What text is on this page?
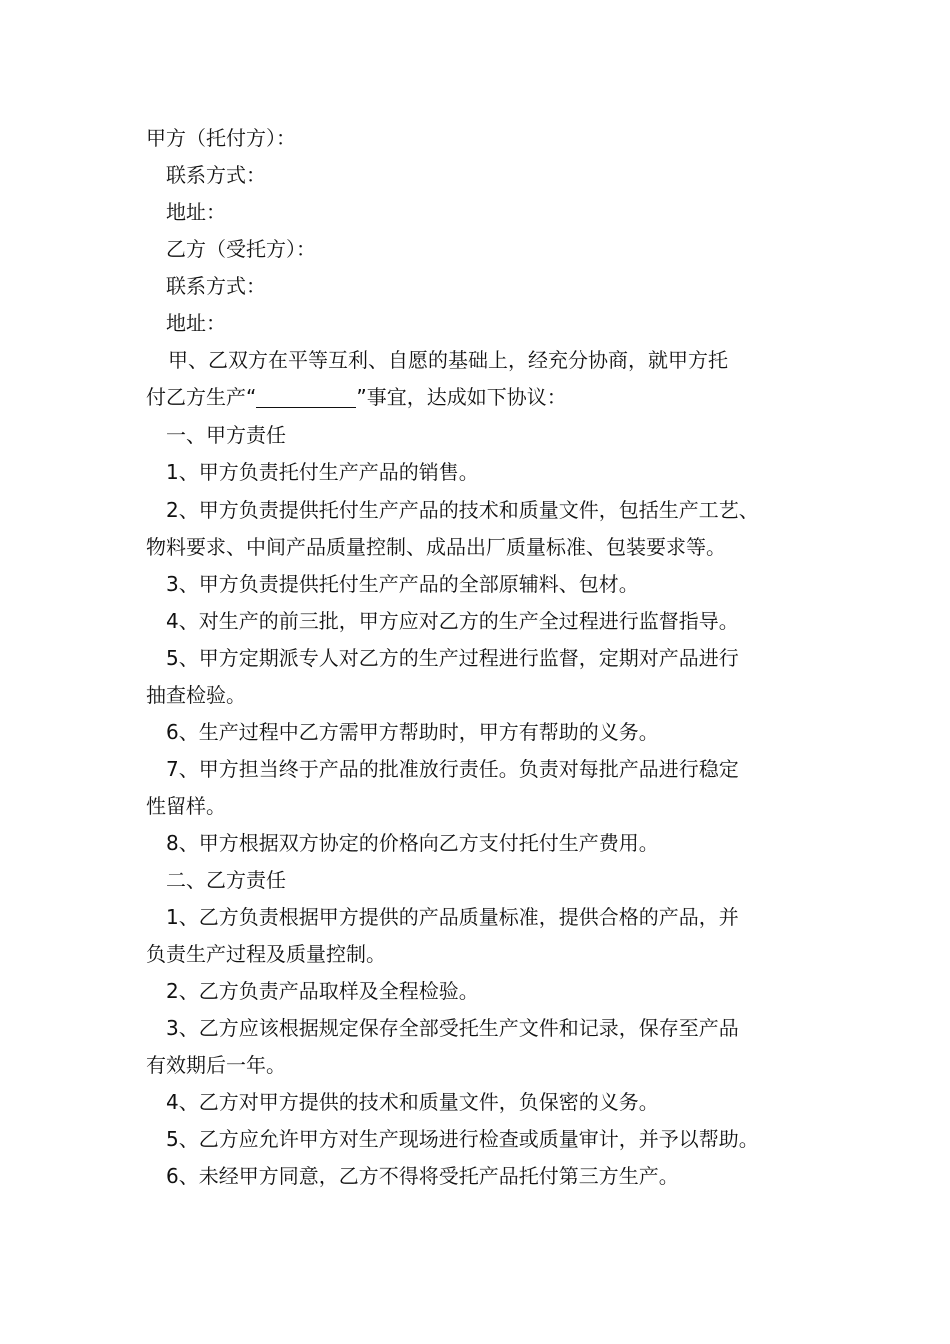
甲方（托付方）：
联系方式：
地址：
乙方（受托方）：
联系方式：
地址：
甲、乙双方在平等互利、自愿的基础上，经充分协商，就甲方托
付乙方生产“	”事宜，达成如下协议：
一、甲方责任
1、甲方负责托付生产产品的销售。
2、甲方负责提供托付生产产品的技术和质量文件，包括生产工艺、
物料要求、中间产品质量控制、成品出厂质量标准、包装要求等。
3、甲方负责提供托付生产产品的全部原辅料、包材。
4、对生产的前三批，甲方应对乙方的生产全过程进行监督指导。
5、甲方定期派专人对乙方的生产过程进行监督，定期对产品进行
抽查检验。
6、生产过程中乙方需甲方帮助时，甲方有帮助的义务。
7、甲方担当终于产品的批准放行责任。负责对每批产品进行稳定
性留样。
8、甲方根据双方协定的价格向乙方支付托付生产费用。
二、乙方责任
1、乙方负责根据甲方提供的产品质量标准，提供合格的产品，并
负责生产过程及质量控制。
2、乙方负责产品取样及全程检验。
3、乙方应该根据规定保存全部受托生产文件和记录，保存至产品
有效期后一年。
4、乙方对甲方提供的技术和质量文件，负保密的义务。
5、乙方应允许甲方对生产现场进行检查或质量审计，并予以帮助。
6、未经甲方同意，乙方不得将受托产品托付第三方生产。
